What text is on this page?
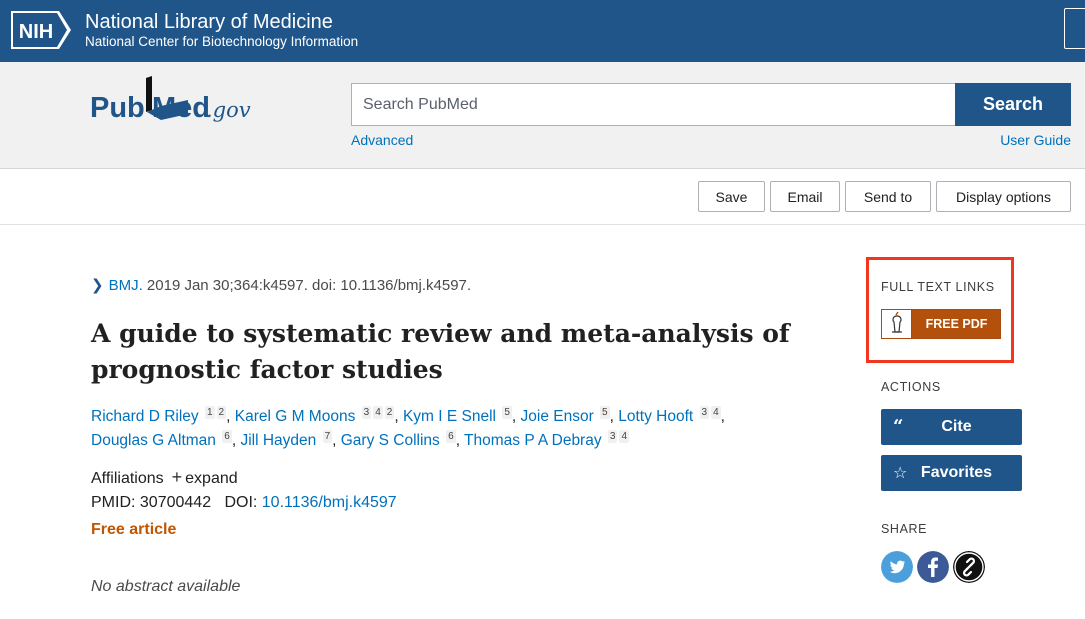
NIH National Library of Medicine
National Center for Biotechnology Information
Pub Med
.gov
Search PubMed	Search
Advanced	User Guide
Save	Email	Send to	Display options
❯ BMJ. 2019 Jan 30;364:k4597. doi: 10.1136/bmj.k4597.
A guide to systematic review and meta-analysis of prognostic factor studies
Richard D Riley 1 2 , Karel G M Moons 3 4 2 , Kym I E Snell 5 , Joie Ensor 5 , Lotty Hooft 3 4 ,
Douglas G Altman 6 , Jill Hayden 7 , Gary S Collins 6 , Thomas P A Debray 3 4
Affiliations + expand
PMID: 30700442 DOI: 10.1136/bmj.k4597
Free article
No abstract available
FULL TEXT LINKS
FREE PDF
ACTIONS
“	Cite
☆ Favorites
SHARE
